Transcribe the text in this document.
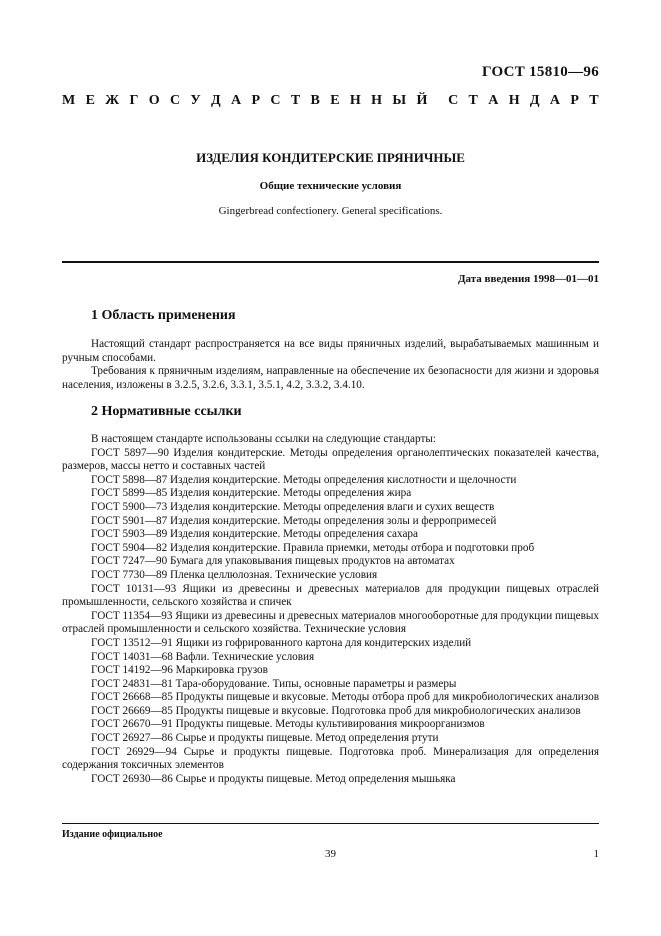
ГОСТ 15810—96
М Е Ж Г О С У Д А Р С Т В Е Н Н Ы Й С Т А Н Д А Р Т
ИЗДЕЛИЯ КОНДИТЕРСКИЕ ПРЯНИЧНЫЕ
Общие технические условия
Gingerbread confectionery. General specifications.
Дата введения 1998—01—01
1 Область применения

Настоящий стандарт распространяется на все виды пряничных изделий, вырабатываемых машинным и ручным способами.

Требования к пряничным изделиям, направленные на обеспечение их безопасности для жизни и здоровья населения, изложены в 3.2.5, 3.2.6, 3.3.1, 3.5.1, 4.2, 3.3.2, 3.4.10.

2 Нормативные ссылки

В настоящем стандарте использованы ссылки на следующие стандарты:

ГОСТ 5897—90 Изделия кондитерские. Методы определения органолептических показателей качества, размеров, массы нетто и составных частей

ГОСТ 5898—87 Изделия кондитерские. Методы определения кислотности и щелочности

ГОСТ 5899—85 Изделия кондитерские. Методы определения жира

ГОСТ 5900—73 Изделия кондитерские. Методы определения влаги и сухих веществ

ГОСТ 5901—87 Изделия кондитерские. Методы определения золы и ферропримесей

ГОСТ 5903—89 Изделия кондитерские. Методы определения сахара

ГОСТ 5904—82 Изделия кондитерские. Правила приемки, методы отбора и подготовки проб

ГОСТ 7247—90 Бумага для упаковывания пищевых продуктов на автоматах

ГОСТ 7730—89 Пленка целлюлозная. Технические условия

ГОСТ 10131—93 Ящики из древесины и древесных материалов для продукции пищевых отраслей промышленности, сельского хозяйства и спичек

ГОСТ 11354—93 Ящики из древесины и древесных материалов многооборотные для продукции пищевых отраслей промышленности и сельского хозяйства. Технические условия

ГОСТ 13512—91 Ящики из гофрированного картона для кондитерских изделий

ГОСТ 14031—68 Вафли. Технические условия

ГОСТ 14192—96 Маркировка грузов

ГОСТ 24831—81 Тара-оборудование. Типы, основные параметры и размеры

ГОСТ 26668—85 Продукты пищевые и вкусовые. Методы отбора проб для микробиологических анализов

ГОСТ 26669—85 Продукты пищевые и вкусовые. Подготовка проб для микробиологических анализов

ГОСТ 26670—91 Продукты пищевые. Методы культивирования микроорганизмов

ГОСТ 26927—86 Сырье и продукты пищевые. Метод определения ртути

ГОСТ 26929—94 Сырье и продукты пищевые. Подготовка проб. Минерализация для определения содержания токсичных элементов

ГОСТ 26930—86 Сырье и продукты пищевые. Метод определения мышьяка

Издание официальное
39	1
